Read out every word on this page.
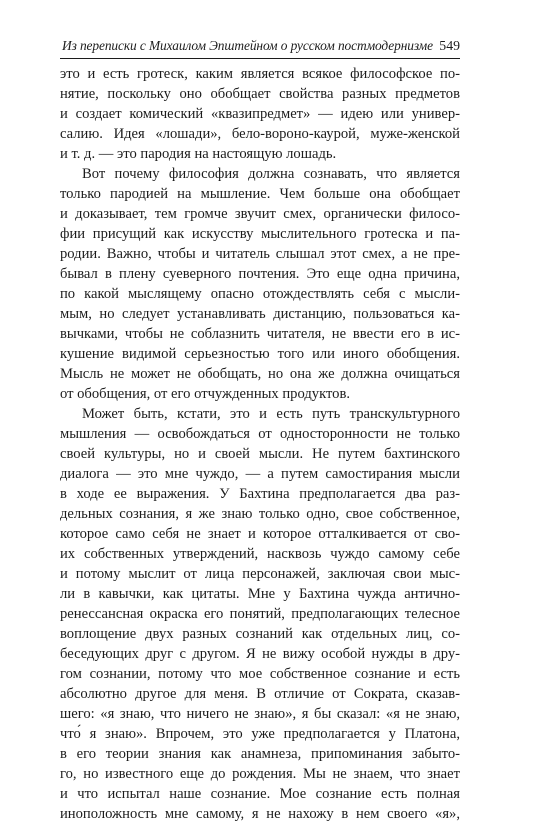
Из переписки с Михаилом Эпштейном о русском постмодернизме 549
это и есть гротеск, каким является всякое философское по-
нятие, поскольку оно обобщает свойства разных предметов
и создает комический «квазипредмет» — идею или универ-
салию. Идея «лошади», бело-вороно-каурой, муже-женской
и т. д. — это пародия на настоящую лошадь.
Вот почему философия должна сознавать, что является
только пародией на мышление. Чем больше она обобщает
и доказывает, тем громче звучит смех, органически филосо-
фии присущий как искусству мыслительного гротеска и па-
родии. Важно, чтобы и читатель слышал этот смех, а не пре-
бывал в плену суеверного почтения. Это еще одна причина,
по какой мыслящему опасно отождествлять себя с мысли-
мым, но следует устанавливать дистанцию, пользоваться ка-
вычками, чтобы не соблазнить читателя, не ввести его в ис-
кушение видимой серьезностью того или иного обобщения.
Мысль не может не обобщать, но она же должна очищаться
от обобщения, от его отчужденных продуктов.
Может быть, кстати, это и есть путь транскультурного
мышления — освобождаться от односторонности не только
своей культуры, но и своей мысли. Не путем бахтинского
диалога — это мне чуждо, — а путем самостирания мысли
в ходе ее выражения. У Бахтина предполагается два раз-
дельных сознания, я же знаю только одно, свое собственное,
которое само себя не знает и которое отталкивается от сво-
их собственных утверждений, насквозь чуждо самому себе
и потому мыслит от лица персонажей, заключая свои мыс-
ли в кавычки, как цитаты. Мне у Бахтина чужда антично-
ренессансная окраска его понятий, предполагающих телесное
воплощение двух разных сознаний как отдельных лиц, со-
беседующих друг с другом. Я не вижу особой нужды в дру-
гом сознании, потому что мое собственное сознание и есть
абсолютно другое для меня. В отличие от Сократа, сказав-
шего: «я знаю, что ничего не знаю», я бы сказал: «я не знаю,
что́ я знаю». Впрочем, это уже предполагается у Платона,
в его теории знания как анамнеза, припоминания забыто-
го, но известного еще до рождения. Мы не знаем, что знает
и что испытал наше сознание. Мое сознание есть полная
иноположность мне самому, я не нахожу в нем своего «я»,
